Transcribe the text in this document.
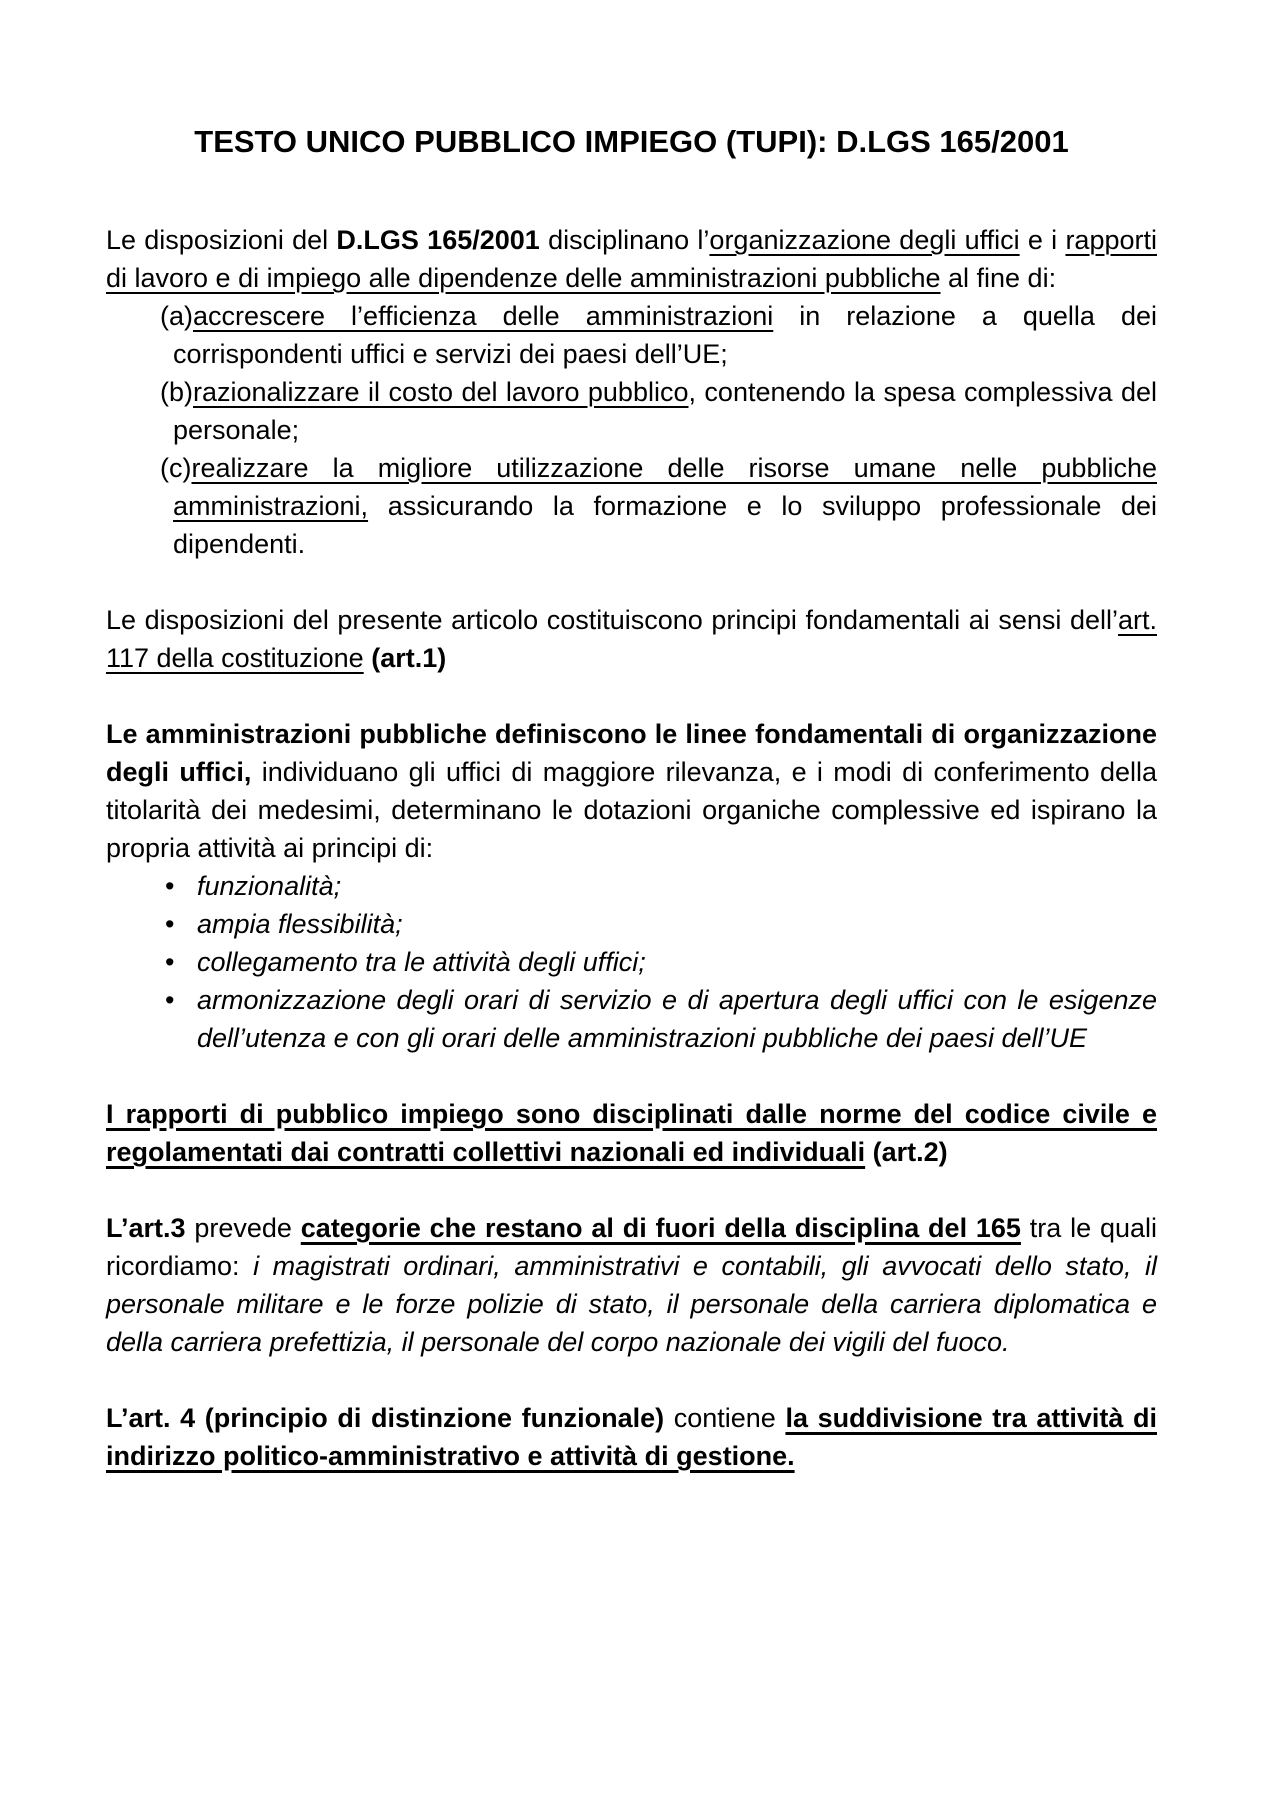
TESTO UNICO PUBBLICO IMPIEGO (TUPI): D.LGS 165/2001

Le disposizioni del D.LGS 165/2001 disciplinano l’organizzazione degli uffici e i rapporti di lavoro e di impiego alle dipendenze delle amministrazioni pubbliche al fine di:

(a)accrescere l’efficienza delle amministrazioni in relazione a quella dei corrispondenti uffici e servizi dei paesi dell’UE;
(b)razionalizzare il costo del lavoro pubblico, contenendo la spesa complessiva del personale;
(c)realizzare la migliore utilizzazione delle risorse umane nelle pubbliche amministrazioni, assicurando la formazione e lo sviluppo professionale dei dipendenti.

Le disposizioni del presente articolo costituiscono principi fondamentali ai sensi dell’art. 117 della costituzione (art.1)

Le amministrazioni pubbliche definiscono le linee fondamentali di organizzazione degli uffici, individuano gli uffici di maggiore rilevanza, e i modi di conferimento della titolarità dei medesimi, determinano le dotazioni organiche complessive ed ispirano la propria attività ai principi di:

• funzionalità;
• ampia flessibilità;
• collegamento tra le attività degli uffici;
• armonizzazione degli orari di servizio e di apertura degli uffici con le esigenze dell’utenza e con gli orari delle amministrazioni pubbliche dei paesi dell’UE

I rapporti di pubblico impiego sono disciplinati dalle norme del codice civile e regolamentati dai contratti collettivi nazionali ed individuali (art.2)

L’art.3 prevede categorie che restano al di fuori della disciplina del 165 tra le quali ricordiamo: i magistrati ordinari, amministrativi e contabili, gli avvocati dello stato, il personale militare e le forze polizie di stato, il personale della carriera diplomatica e della carriera prefettizia, il personale del corpo nazionale dei vigili del fuoco.

L’art. 4 (principio di distinzione funzionale) contiene la suddivisione tra attività di indirizzo politico-amministrativo e attività di gestione.
